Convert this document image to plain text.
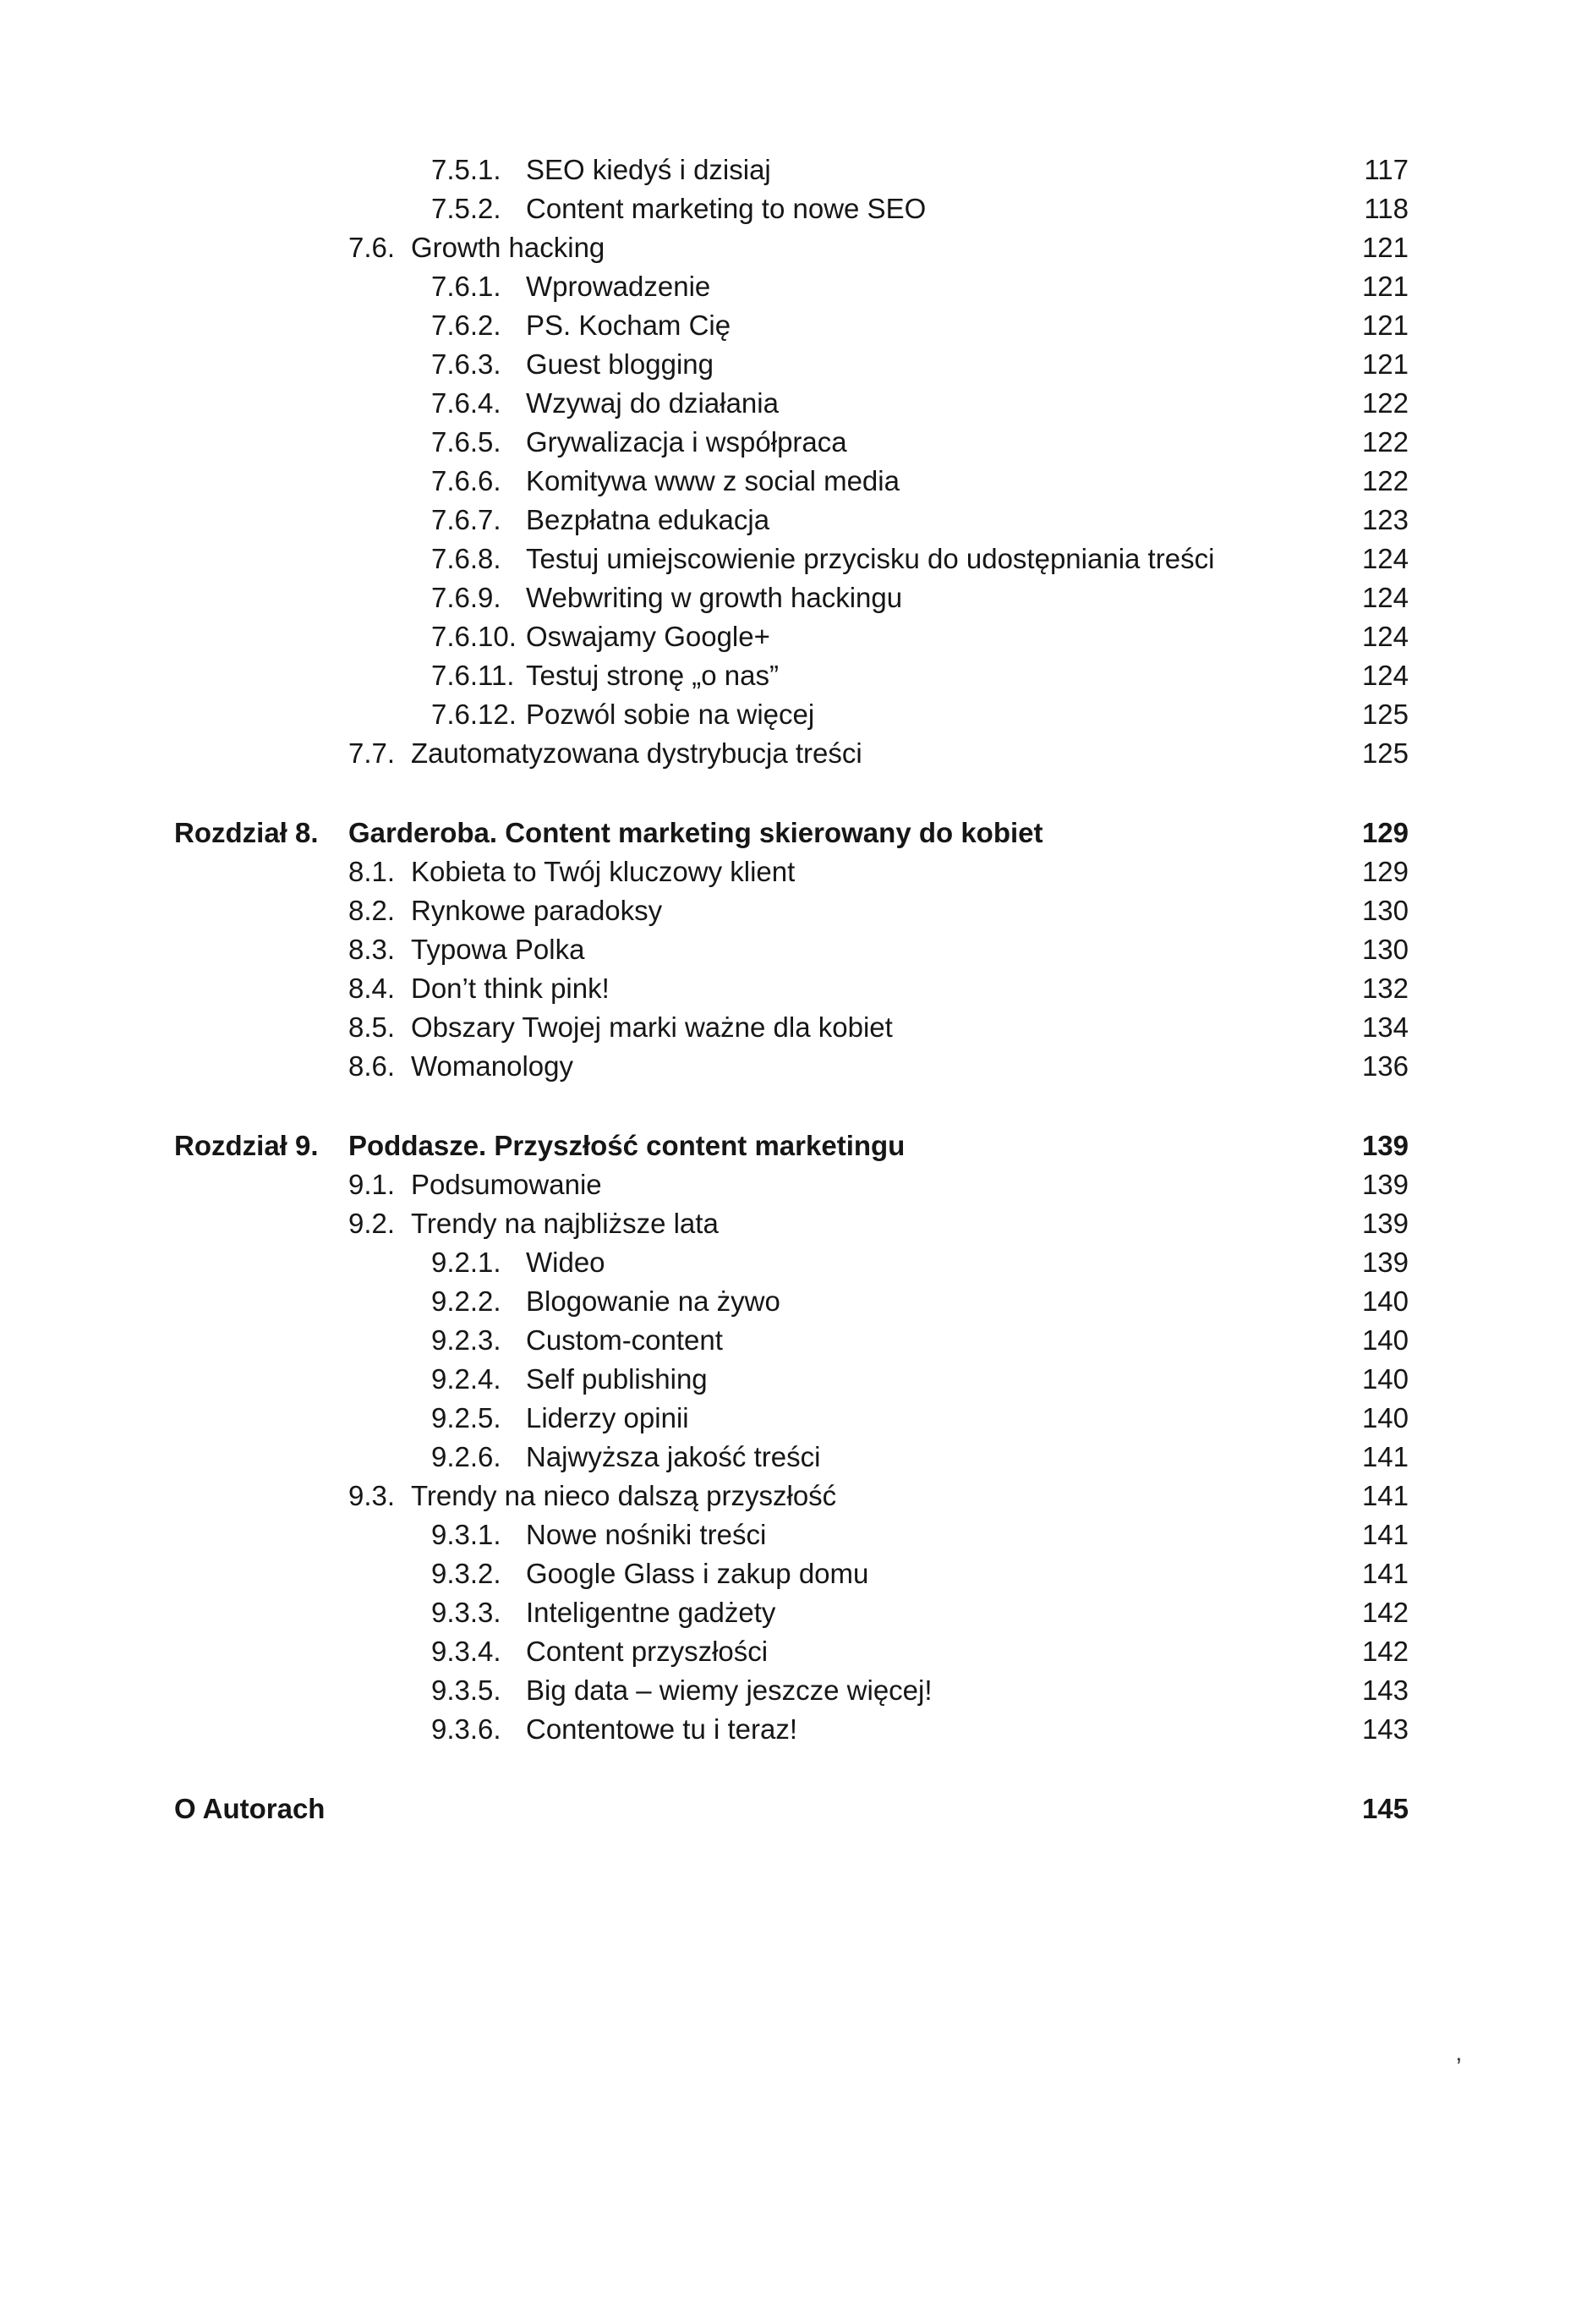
7.5.1. SEO kiedyś i dzisiaj	117
7.5.2. Content marketing to nowe SEO	118
7.6. Growth hacking	121
7.6.1. Wprowadzenie	121
7.6.2. PS. Kocham Cię	121
7.6.3. Guest blogging	121
7.6.4. Wzywaj do działania	122
7.6.5. Grywalizacja i współpraca	122
7.6.6. Komitywa www z social media	122
7.6.7. Bezpłatna edukacja	123
7.6.8. Testuj umiejscowienie przycisku do udostępniania treści	124
7.6.9. Webwriting w growth hackingu	124
7.6.10. Oswajamy Google+	124
7.6.11. Testuj stronę „o nas”	124
7.6.12. Pozwól sobie na więcej	125
7.7. Zautomatyzowana dystrybucja treści	125
Rozdział 8.	Garderoba. Content marketing skierowany do kobiet	129
8.1. Kobieta to Twój kluczowy klient	129
8.2. Rynkowe paradoksy	130
8.3. Typowa Polka	130
8.4. Don’t think pink!	132
8.5. Obszary Twojej marki ważne dla kobiet	134
8.6. Womanology	136
Rozdział 9.	Poddasze. Przyszłość content marketingu	139
9.1. Podsumowanie	139
9.2. Trendy na najbliższe lata	139
9.2.1. Wideo	139
9.2.2. Blogowanie na żywo	140
9.2.3. Custom-content	140
9.2.4. Self publishing	140
9.2.5. Liderzy opinii	140
9.2.6. Najwyższa jakość treści	141
9.3. Trendy na nieco dalszą przyszłość	141
9.3.1. Nowe nośniki treści	141
9.3.2. Google Glass i zakup domu	141
9.3.3. Inteligentne gadżety	142
9.3.4. Content przyszłości	142
9.3.5. Big data – wiemy jeszcze więcej!	143
9.3.6. Contentowe tu i teraz!	143
O Autorach	145
’
